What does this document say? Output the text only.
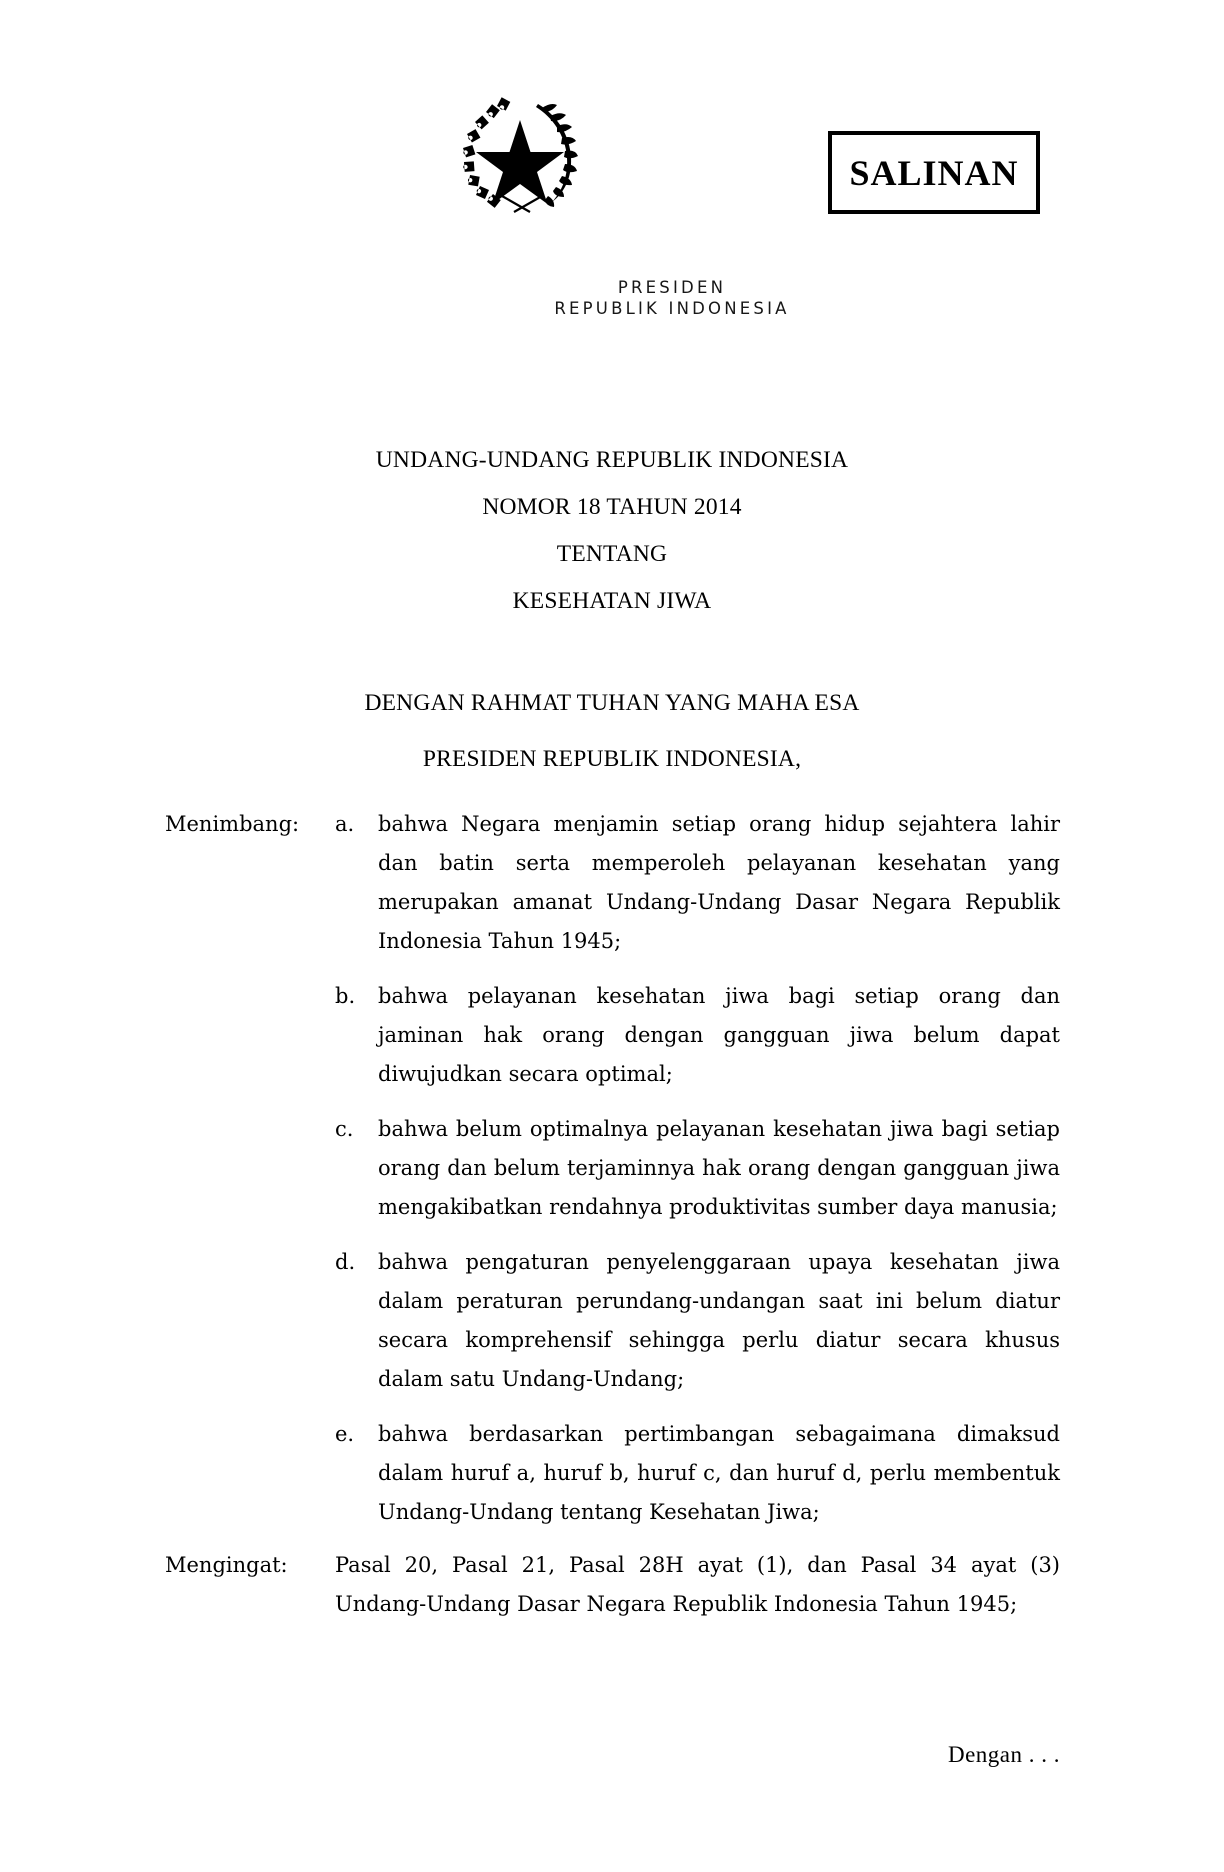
SALINAN
PRESIDEN
REPUBLIK INDONESIA
UNDANG-UNDANG REPUBLIK INDONESIA
NOMOR 18 TAHUN 2014
TENTANG
KESEHATAN JIWA
DENGAN RAHMAT TUHAN YANG MAHA ESA
PRESIDEN REPUBLIK INDONESIA,
Menimbang:	a.	bahwa Negara menjamin setiap orang hidup sejahtera lahir dan batin serta memperoleh pelayanan kesehatan yang merupakan amanat Undang-Undang Dasar Negara Republik Indonesia Tahun 1945;
b.	bahwa pelayanan kesehatan jiwa bagi setiap orang dan jaminan hak orang dengan gangguan jiwa belum dapat diwujudkan secara optimal;
c.	bahwa belum optimalnya pelayanan kesehatan jiwa bagi setiap orang dan belum terjaminnya hak orang dengan gangguan jiwa mengakibatkan rendahnya produktivitas sumber daya manusia;
d.	bahwa pengaturan penyelenggaraan upaya kesehatan jiwa dalam peraturan perundang-undangan saat ini belum diatur secara komprehensif sehingga perlu diatur secara khusus dalam satu Undang-Undang;
e.	bahwa berdasarkan pertimbangan sebagaimana dimaksud dalam huruf a, huruf b, huruf c, dan huruf d, perlu membentuk Undang-Undang tentang Kesehatan Jiwa;
Mengingat:	Pasal 20, Pasal 21, Pasal 28H ayat (1), dan Pasal 34 ayat (3) Undang-Undang Dasar Negara Republik Indonesia Tahun 1945;
Dengan . . .
